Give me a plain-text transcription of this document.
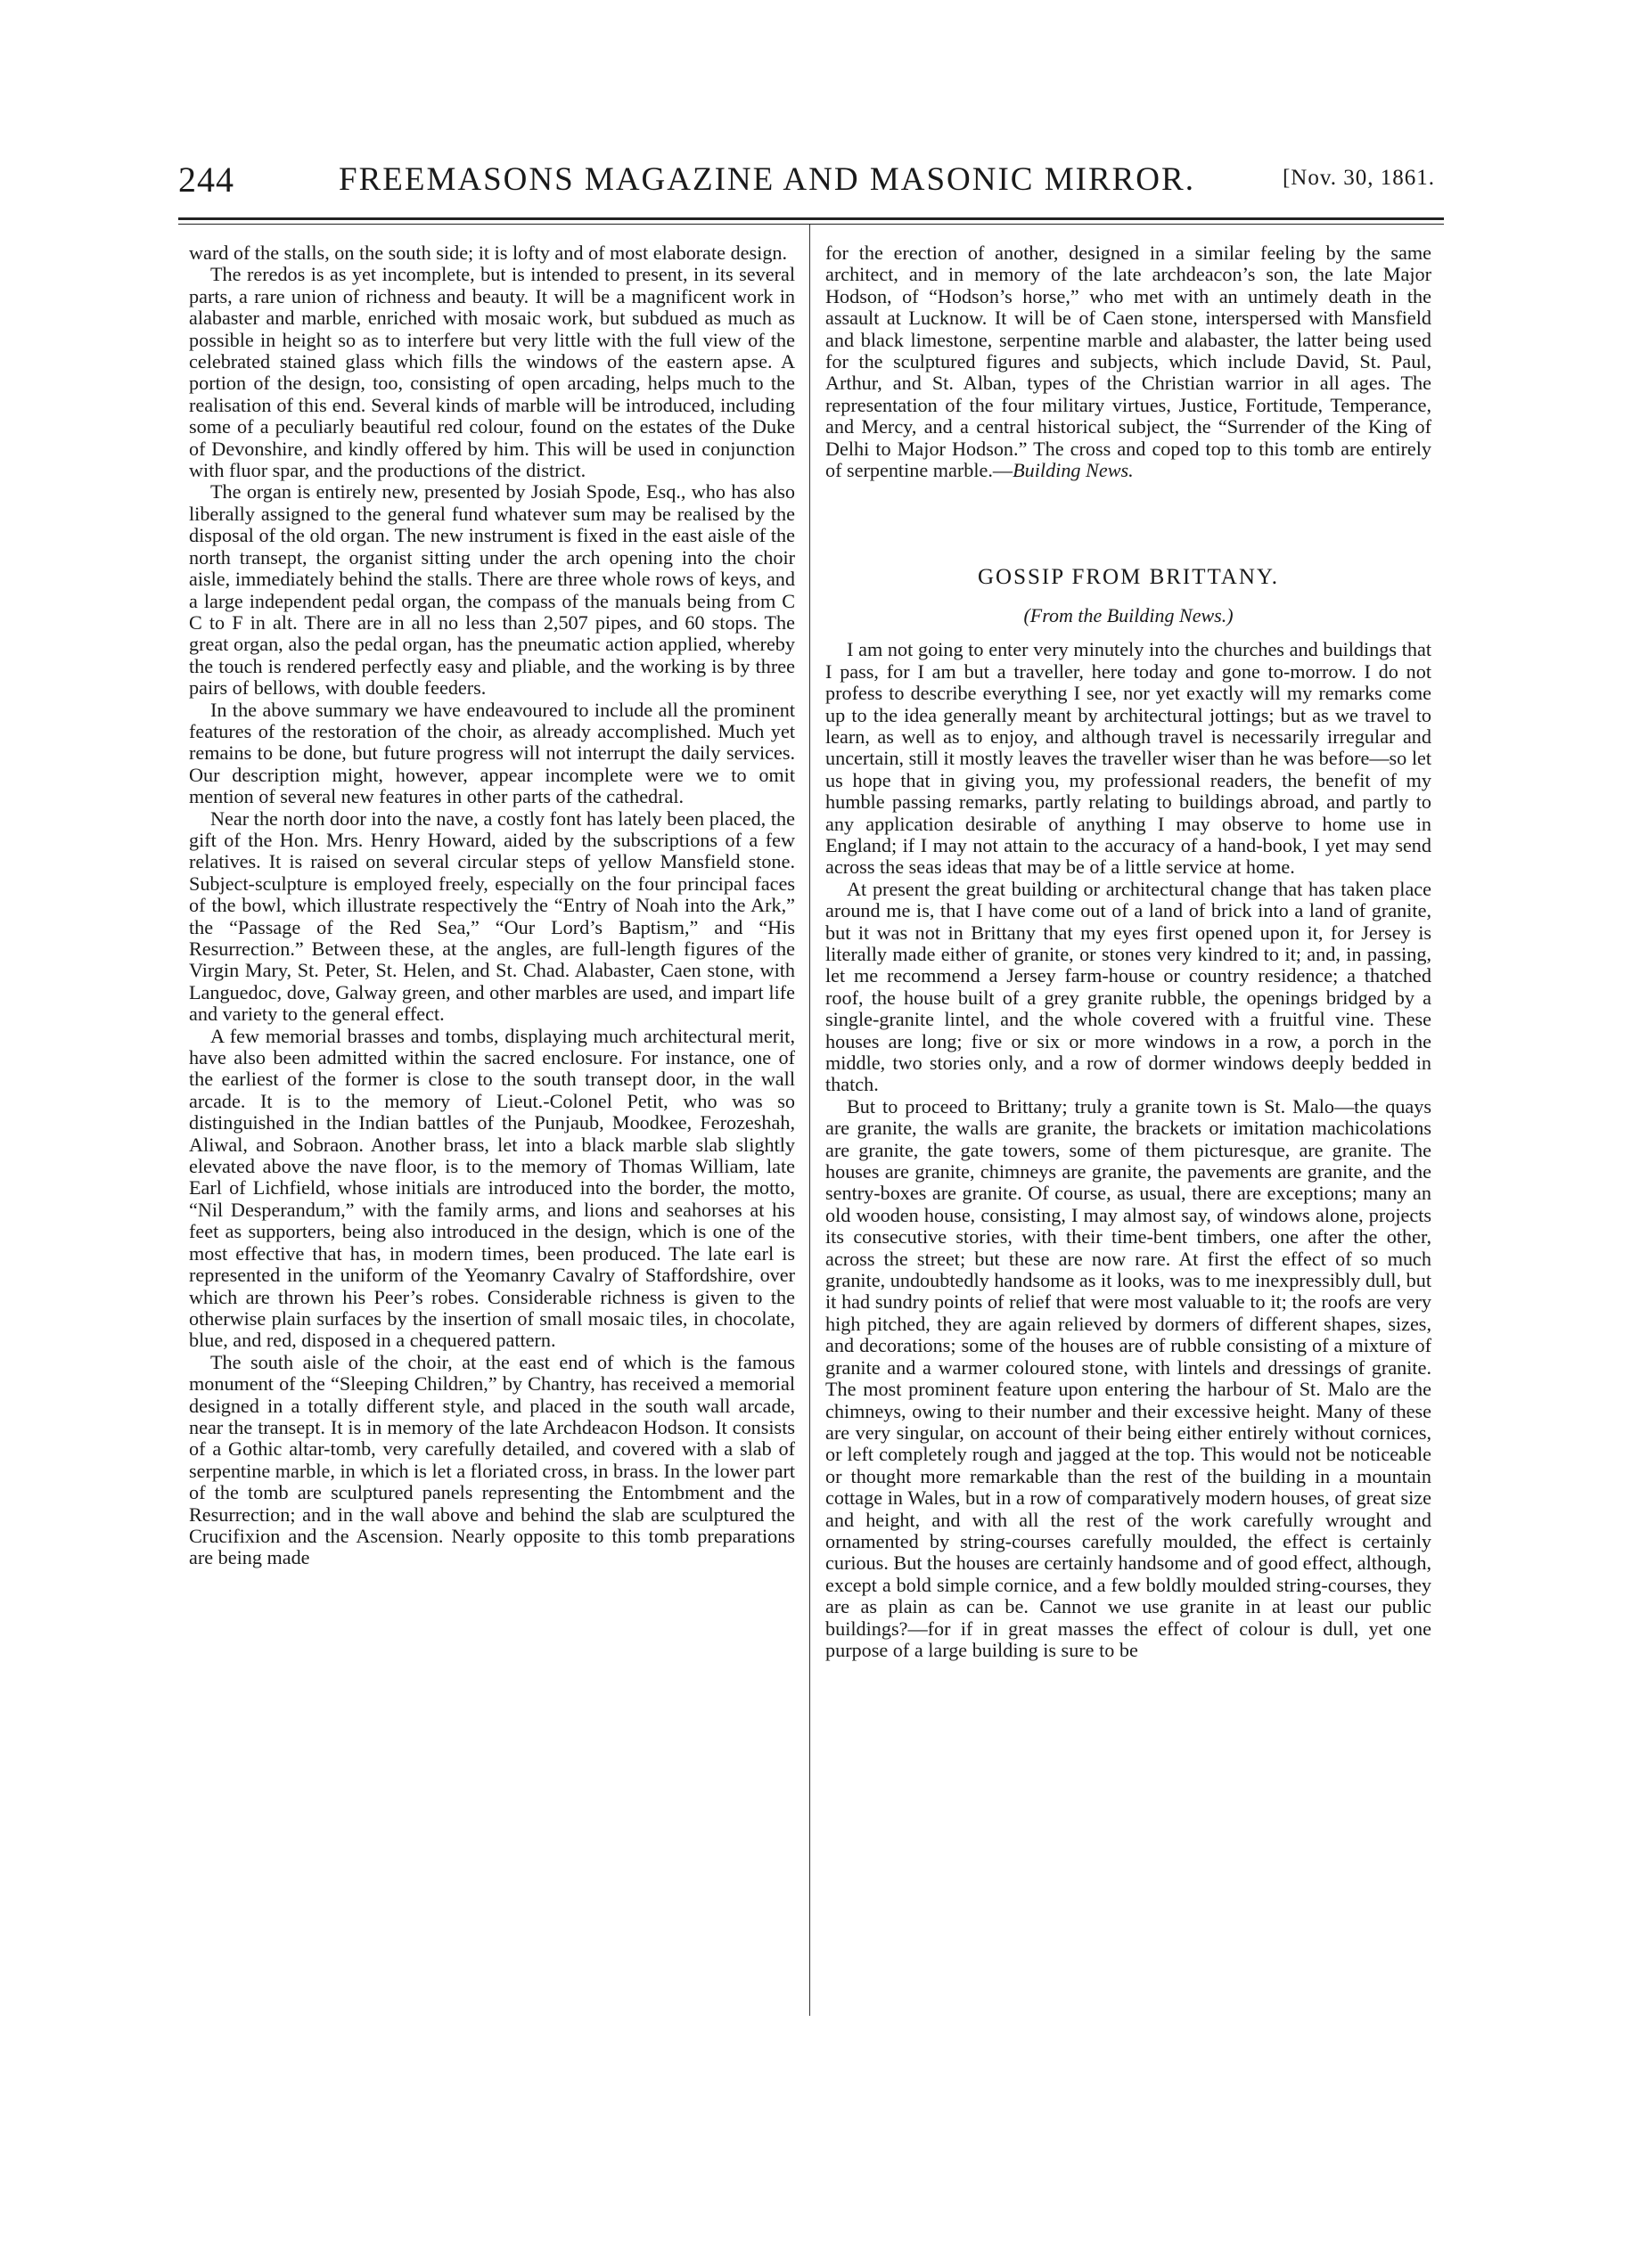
244	FREEMASONS MAGAZINE AND MASONIC MIRROR.	[Nov. 30, 1861.

ward of the stalls, on the south side; it is lofty and of most elaborate design.

The reredos is as yet incomplete, but is intended to present, in its several parts, a rare union of richness and beauty. It will be a magnificent work in alabaster and marble, enriched with mosaic work, but subdued as much as possible in height so as to interfere but very little with the full view of the celebrated stained glass which fills the windows of the eastern apse. A portion of the design, too, consisting of open arcading, helps much to the realisation of this end. Several kinds of marble will be introduced, including some of a peculiarly beautiful red colour, found on the estates of the Duke of Devonshire, and kindly offered by him. This will be used in conjunction with fluor spar, and the productions of the district.

The organ is entirely new, presented by Josiah Spode, Esq., who has also liberally assigned to the general fund whatever sum may be realised by the disposal of the old organ. The new instrument is fixed in the east aisle of the north transept, the organist sitting under the arch opening into the choir aisle, immediately behind the stalls. There are three whole rows of keys, and a large independent pedal organ, the compass of the manuals being from C C to F in alt. There are in all no less than 2,507 pipes, and 60 stops. The great organ, also the pedal organ, has the pneumatic action applied, whereby the touch is rendered perfectly easy and pliable, and the working is by three pairs of bellows, with double feeders.

In the above summary we have endeavoured to include all the prominent features of the restoration of the choir, as already accomplished. Much yet remains to be done, but future progress will not interrupt the daily services. Our description might, however, appear incomplete were we to omit mention of several new features in other parts of the cathedral.

Near the north door into the nave, a costly font has lately been placed, the gift of the Hon. Mrs. Henry Howard, aided by the subscriptions of a few relatives. It is raised on several circular steps of yellow Mansfield stone. Subject-sculpture is employed freely, especially on the four principal faces of the bowl, which illustrate respectively the “Entry of Noah into the Ark,” the “Passage of the Red Sea,” “Our Lord’s Baptism,” and “His Resurrection.” Between these, at the angles, are full-length figures of the Virgin Mary, St. Peter, St. Helen, and St. Chad. Alabaster, Caen stone, with Languedoc, dove, Galway green, and other marbles are used, and impart life and variety to the general effect.

A few memorial brasses and tombs, displaying much architectural merit, have also been admitted within the sacred enclosure. For instance, one of the earliest of the former is close to the south transept door, in the wall arcade. It is to the memory of Lieut.-Colonel Petit, who was so distinguished in the Indian battles of the Punjaub, Moodkee, Ferozeshah, Aliwal, and Sobraon. Another brass, let into a black marble slab slightly elevated above the nave floor, is to the memory of Thomas William, late Earl of Lichfield, whose initials are introduced into the border, the motto, “Nil Desperandum,” with the family arms, and lions and seahorses at his feet as supporters, being also introduced in the design, which is one of the most effective that has, in modern times, been produced. The late earl is represented in the uniform of the Yeomanry Cavalry of Staffordshire, over which are thrown his Peer’s robes. Considerable richness is given to the otherwise plain surfaces by the insertion of small mosaic tiles, in chocolate, blue, and red, disposed in a chequered pattern.

The south aisle of the choir, at the east end of which is the famous monument of the “Sleeping Children,” by Chantry, has received a memorial designed in a totally different style, and placed in the south wall arcade, near the transept. It is in memory of the late Archdeacon Hodson. It consists of a Gothic altar-tomb, very carefully detailed, and covered with a slab of serpentine marble, in which is let a floriated cross, in brass. In the lower part of the tomb are sculptured panels representing the Entombment and the Resurrection; and in the wall above and behind the slab are sculptured the Crucifixion and the Ascension. Nearly opposite to this tomb preparations are being made

for the erection of another, designed in a similar feeling by the same architect, and in memory of the late archdeacon’s son, the late Major Hodson, of “Hodson’s horse,” who met with an untimely death in the assault at Lucknow. It will be of Caen stone, interspersed with Mansfield and black limestone, serpentine marble and alabaster, the latter being used for the sculptured figures and subjects, which include David, St. Paul, Arthur, and St. Alban, types of the Christian warrior in all ages. The representation of the four military virtues, Justice, Fortitude, Temperance, and Mercy, and a central historical subject, the “Surrender of the King of Delhi to Major Hodson.” The cross and coped top to this tomb are entirely of serpentine marble.—Building News.

GOSSIP FROM BRITTANY.
(From the Building News.)

I am not going to enter very minutely into the churches and buildings that I pass, for I am but a traveller, here today and gone to-morrow. I do not profess to describe everything I see, nor yet exactly will my remarks come up to the idea generally meant by architectural jottings; but as we travel to learn, as well as to enjoy, and although travel is necessarily irregular and uncertain, still it mostly leaves the traveller wiser than he was before—so let us hope that in giving you, my professional readers, the benefit of my humble passing remarks, partly relating to buildings abroad, and partly to any application desirable of anything I may observe to home use in England; if I may not attain to the accuracy of a hand-book, I yet may send across the seas ideas that may be of a little service at home.

At present the great building or architectural change that has taken place around me is, that I have come out of a land of brick into a land of granite, but it was not in Brittany that my eyes first opened upon it, for Jersey is literally made either of granite, or stones very kindred to it; and, in passing, let me recommend a Jersey farm-house or country residence; a thatched roof, the house built of a grey granite rubble, the openings bridged by a single-granite lintel, and the whole covered with a fruitful vine. These houses are long; five or six or more windows in a row, a porch in the middle, two stories only, and a row of dormer windows deeply bedded in thatch.

But to proceed to Brittany; truly a granite town is St. Malo—the quays are granite, the walls are granite, the brackets or imitation machicolations are granite, the gate towers, some of them picturesque, are granite. The houses are granite, chimneys are granite, the pavements are granite, and the sentry-boxes are granite. Of course, as usual, there are exceptions; many an old wooden house, consisting, I may almost say, of windows alone, projects its consecutive stories, with their time-bent timbers, one after the other, across the street; but these are now rare. At first the effect of so much granite, undoubtedly handsome as it looks, was to me inexpressibly dull, but it had sundry points of relief that were most valuable to it; the roofs are very high pitched, they are again relieved by dormers of different shapes, sizes, and decorations; some of the houses are of rubble consisting of a mixture of granite and a warmer coloured stone, with lintels and dressings of granite. The most prominent feature upon entering the harbour of St. Malo are the chimneys, owing to their number and their excessive height. Many of these are very singular, on account of their being either entirely without cornices, or left completely rough and jagged at the top. This would not be noticeable or thought more remarkable than the rest of the building in a mountain cottage in Wales, but in a row of comparatively modern houses, of great size and height, and with all the rest of the work carefully wrought and ornamented by string-courses carefully moulded, the effect is certainly curious. But the houses are certainly handsome and of good effect, although, except a bold simple cornice, and a few boldly moulded string-courses, they are as plain as can be. Cannot we use granite in at least our public buildings?—for if in great masses the effect of colour is dull, yet one purpose of a large building is sure to be
